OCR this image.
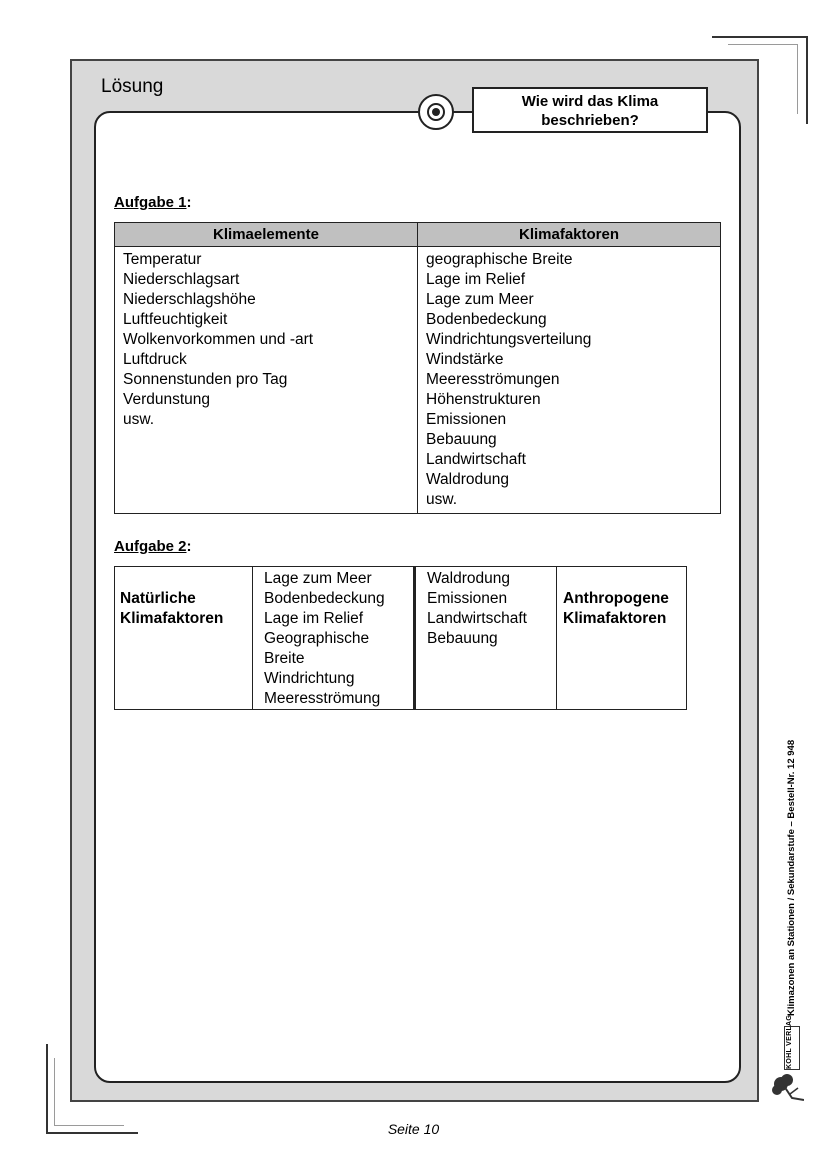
Lösung
Wie wird das Klima
beschrieben?
Aufgabe 1:
Klimaelemente	Klimafaktoren
Temperatur
Niederschlagsart
Niederschlagshöhe
Luftfeuchtigkeit
Wolkenvorkommen und -art
Luftdruck
Sonnenstunden pro Tag
Verdunstung
usw.
geographische Breite
Lage im Relief
Lage zum Meer
Bodenbedeckung
Windrichtungsverteilung
Windstärke
Meeresströmungen
Höhenstrukturen
Emissionen
Bebauung
Landwirtschaft
Waldrodung
usw.
Aufgabe 2:
Natürliche
Klimafaktoren
Lage zum Meer
Bodenbedeckung
Lage im Relief
Geographische
Breite
Windrichtung
Meeresströmung
Waldrodung
Emissionen
Landwirtschaft
Bebauung
Anthropogene
Klimafaktoren
Klimazonen an Stationen / Sekundarstufe – Bestell-Nr. 12 948
KOHL VERLAG
Seite 10
